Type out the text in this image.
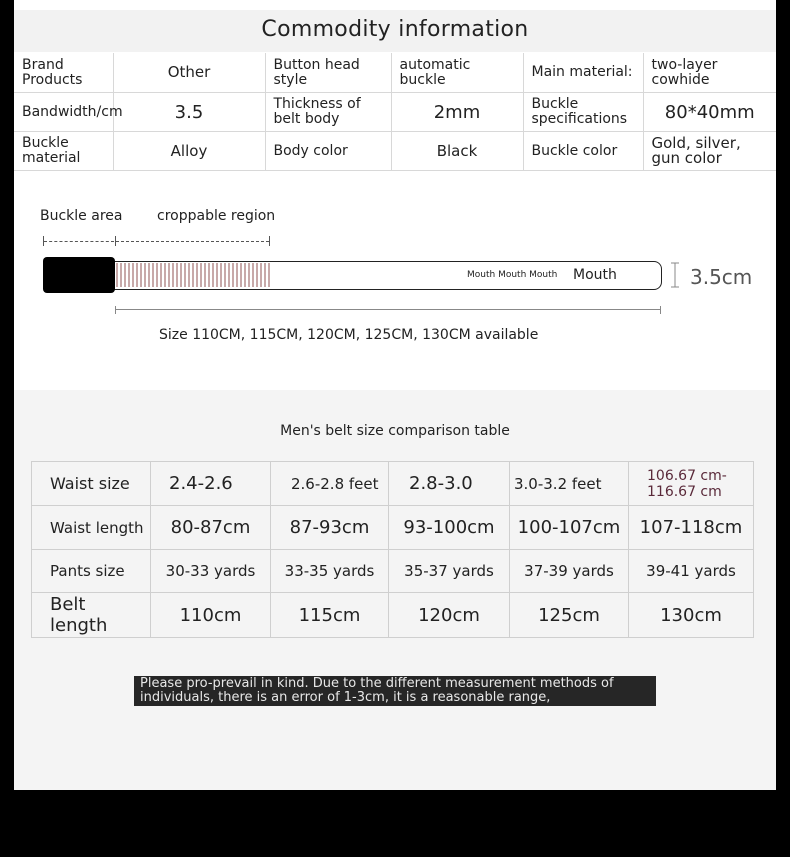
Commodity information
Brand Products	Other	Button head style	automatic buckle	Main material:	two-layer cowhide
Bandwidth/cm	3.5	Thickness of belt body	2mm	Buckle specifications	80*40mm
Buckle material	Alloy	Body color	Black	Buckle color	Gold, silver, gun color
Buckle area croppable region
Mouth Mouth Mouth Mouth	3.5cm
Size 110CM, 115CM, 120CM, 125CM, 130CM available
Men's belt size comparison table
Waist size	2.4-2.6	2.6-2.8 feet	2.8-3.0	3.0-3.2 feet	106.67 cm-116.67 cm
Waist length	80-87cm	87-93cm	93-100cm	100-107cm	107-118cm
Pants size	30-33 yards	33-35 yards	35-37 yards	37-39 yards	39-41 yards
Belt length	110cm	115cm	120cm	125cm	130cm
Please pro-prevail in kind. Due to the different measurement methods of individuals, there is an error of 1-3cm, it is a reasonable range,
